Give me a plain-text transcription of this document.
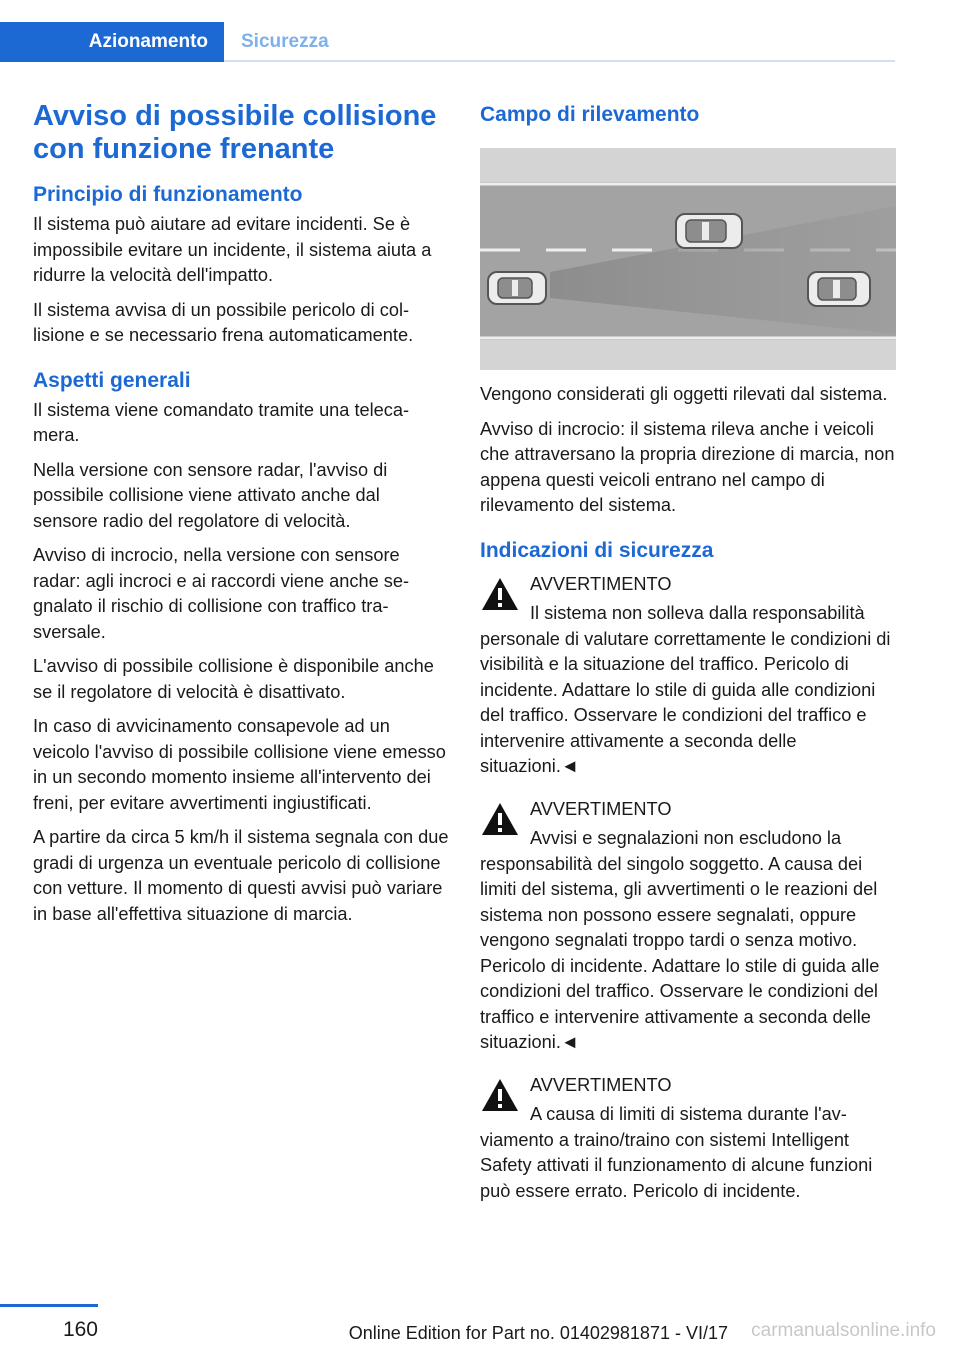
Azionamento	Sicurezza
Avviso di possibile collisione con funzione frenante
Principio di funzionamento

Il sistema può aiutare ad evitare incidenti. Se è impossibile evitare un incidente, il sistema aiuta a ridurre la velocità dell'impatto.

Il sistema avvisa di un possibile pericolo di collisione e se necessario frena automaticamente.

Aspetti generali

Il sistema viene comandato tramite una telecamera.

Nella versione con sensore radar, l'avviso di possibile collisione viene attivato anche dal sensore radio del regolatore di velocità.

Avviso di incrocio, nella versione con sensore radar: agli incroci e ai raccordi viene anche segnalato il rischio di collisione con traffico trasversale.

L'avviso di possibile collisione è disponibile anche se il regolatore di velocità è disattivato.

In caso di avvicinamento consapevole ad un veicolo l'avviso di possibile collisione viene emesso in un secondo momento insieme all'intervento dei freni, per evitare avvertimenti ingiustificati.

A partire da circa 5 km/h il sistema segnala con due gradi di urgenza un eventuale pericolo di collisione con vetture. Il momento di questi avvisi può variare in base all'effettiva situazione di marcia.

Campo di rilevamento

Vengono considerati gli oggetti rilevati dal sistema.

Avviso di incrocio: il sistema rileva anche i veicoli che attraversano la propria direzione di marcia, non appena questi veicoli entrano nel campo di rilevamento del sistema.

Indicazioni di sicurezza

AVVERTIMENTO

Il sistema non solleva dalla responsabilità personale di valutare correttamente le condizioni di visibilità e la situazione del traffico. Pericolo di incidente. Adattare lo stile di guida alle condizioni del traffico. Osservare le condizioni del traffico e intervenire attivamente a seconda delle situazioni.◄

AVVERTIMENTO

Avvisi e segnalazioni non escludono la responsabilità del singolo soggetto. A causa dei limiti del sistema, gli avvertimenti o le reazioni del sistema non possono essere segnalati, oppure vengono segnalati troppo tardi o senza motivo. Pericolo di incidente. Adattare lo stile di guida alle condizioni del traffico. Osservare le condizioni del traffico e intervenire attivamente a seconda delle situazioni.◄

AVVERTIMENTO

A causa di limiti di sistema durante l'avviamento a traino/traino con sistemi Intelligent Safety attivati il funzionamento di alcune funzioni può essere errato. Pericolo di incidente.

160	Online Edition for Part no. 01402981871 - VI/17 carmanualsonline.info
